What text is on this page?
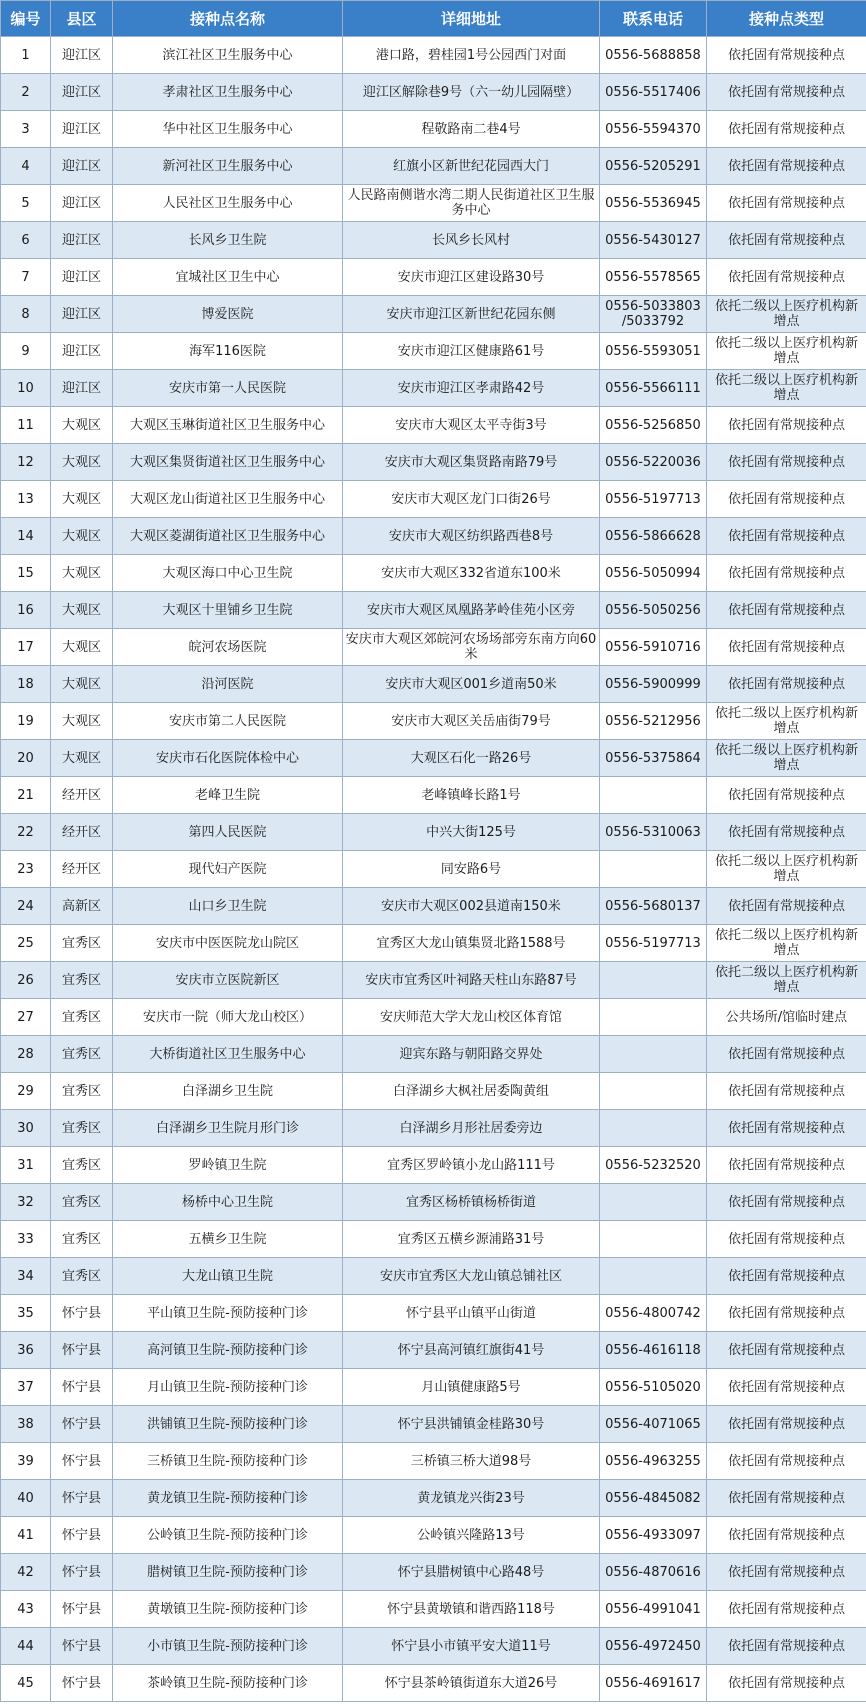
编号	县区	接种点名称	详细地址	联系电话	接种点类型
1	迎江区	滨江社区卫生服务中心	港口路，碧桂园1号公园西门对面	0556-5688858	依托固有常规接种点
2	迎江区	孝肃社区卫生服务中心	迎江区解除巷9号（六一幼儿园隔壁）	0556-5517406	依托固有常规接种点
3	迎江区	华中社区卫生服务中心	程敬路南二巷4号	0556-5594370	依托固有常规接种点
4	迎江区	新河社区卫生服务中心	红旗小区新世纪花园西大门	0556-5205291	依托固有常规接种点
5	迎江区	人民社区卫生服务中心	人民路南侧谐水湾二期人民街道社区卫生服务中心	0556-5536945	依托固有常规接种点
6	迎江区	长风乡卫生院	长风乡长风村	0556-5430127	依托固有常规接种点
7	迎江区	宜城社区卫生中心	安庆市迎江区建设路30号	0556-5578565	依托固有常规接种点
8	迎江区	博爱医院	安庆市迎江区新世纪花园东侧	0556-5033803 /5033792	依托二级以上医疗机构新增点
9	迎江区	海军116医院	安庆市迎江区健康路61号	0556-5593051	依托二级以上医疗机构新增点
10	迎江区	安庆市第一人民医院	安庆市迎江区孝肃路42号	0556-5566111	依托二级以上医疗机构新增点
11	大观区	大观区玉琳街道社区卫生服务中心	安庆市大观区太平寺街3号	0556-5256850	依托固有常规接种点
12	大观区	大观区集贤街道社区卫生服务中心	安庆市大观区集贤路南路79号	0556-5220036	依托固有常规接种点
13	大观区	大观区龙山街道社区卫生服务中心	安庆市大观区龙门口街26号	0556-5197713	依托固有常规接种点
14	大观区	大观区菱湖街道社区卫生服务中心	安庆市大观区纺织路西巷8号	0556-5866628	依托固有常规接种点
15	大观区	大观区海口中心卫生院	安庆市大观区332省道东100米	0556-5050994	依托固有常规接种点
16	大观区	大观区十里铺乡卫生院	安庆市大观区凤凰路茅岭佳苑小区旁	0556-5050256	依托固有常规接种点
17	大观区	皖河农场医院	安庆市大观区郊皖河农场场部旁东南方向60米	0556-5910716	依托固有常规接种点
18	大观区	沿河医院	安庆市大观区001乡道南50米	0556-5900999	依托固有常规接种点
19	大观区	安庆市第二人民医院	安庆市大观区关岳庙街79号	0556-5212956	依托二级以上医疗机构新增点
20	大观区	安庆市石化医院体检中心	大观区石化一路26号	0556-5375864	依托二级以上医疗机构新增点
21	经开区	老峰卫生院	老峰镇峰长路1号		依托固有常规接种点
22	经开区	第四人民医院	中兴大街125号	0556-5310063	依托固有常规接种点
23	经开区	现代妇产医院	同安路6号		依托二级以上医疗机构新增点
24	高新区	山口乡卫生院	安庆市大观区002县道南150米	0556-5680137	依托固有常规接种点
25	宜秀区	安庆市中医医院龙山院区	宜秀区大龙山镇集贤北路1588号	0556-5197713	依托二级以上医疗机构新增点
26	宜秀区	安庆市立医院新区	安庆市宜秀区叶祠路天柱山东路87号		依托二级以上医疗机构新增点
27	宜秀区	安庆市一院（师大龙山校区）	安庆师范大学大龙山校区体育馆		公共场所/馆临时建点
28	宜秀区	大桥街道社区卫生服务中心	迎宾东路与朝阳路交界处		依托固有常规接种点
29	宜秀区	白泽湖乡卫生院	白泽湖乡大枫社居委陶黄组		依托固有常规接种点
30	宜秀区	白泽湖乡卫生院月形门诊	白泽湖乡月形社居委旁边		依托固有常规接种点
31	宜秀区	罗岭镇卫生院	宜秀区罗岭镇小龙山路111号	0556-5232520	依托固有常规接种点
32	宜秀区	杨桥中心卫生院	宜秀区杨桥镇杨桥街道		依托固有常规接种点
33	宜秀区	五横乡卫生院	宜秀区五横乡源浦路31号		依托固有常规接种点
34	宜秀区	大龙山镇卫生院	安庆市宜秀区大龙山镇总铺社区		依托固有常规接种点
35	怀宁县	平山镇卫生院-预防接种门诊	怀宁县平山镇平山街道	0556-4800742	依托固有常规接种点
36	怀宁县	高河镇卫生院-预防接种门诊	怀宁县高河镇红旗街41号	0556-4616118	依托固有常规接种点
37	怀宁县	月山镇卫生院-预防接种门诊	月山镇健康路5号	0556-5105020	依托固有常规接种点
38	怀宁县	洪铺镇卫生院-预防接种门诊	怀宁县洪铺镇金桂路30号	0556-4071065	依托固有常规接种点
39	怀宁县	三桥镇卫生院-预防接种门诊	三桥镇三桥大道98号	0556-4963255	依托固有常规接种点
40	怀宁县	黄龙镇卫生院-预防接种门诊	黄龙镇龙兴街23号	0556-4845082	依托固有常规接种点
41	怀宁县	公岭镇卫生院-预防接种门诊	公岭镇兴隆路13号	0556-4933097	依托固有常规接种点
42	怀宁县	腊树镇卫生院-预防接种门诊	怀宁县腊树镇中心路48号	0556-4870616	依托固有常规接种点
43	怀宁县	黄墩镇卫生院-预防接种门诊	怀宁县黄墩镇和谐西路118号	0556-4991041	依托固有常规接种点
44	怀宁县	小市镇卫生院-预防接种门诊	怀宁县小市镇平安大道11号	0556-4972450	依托固有常规接种点
45	怀宁县	茶岭镇卫生院-预防接种门诊	怀宁县茶岭镇街道东大道26号	0556-4691617	依托固有常规接种点
